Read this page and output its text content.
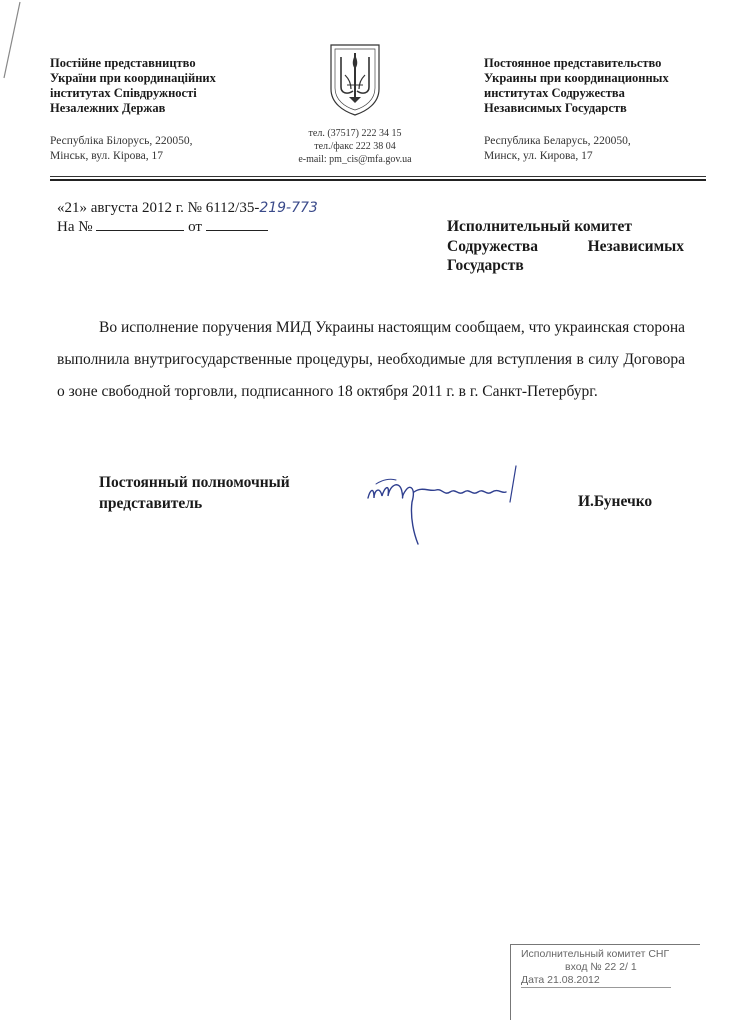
Постійне представництво
України при координаційних
інститутах Співдружності
Незалежних Держав
Республіка Білорусь, 220050,
Мінськ, вул. Кірова, 17
тел. (37517) 222 34 15
тел./факс 222 38 04
e-mail: pm_cis@mfa.gov.ua
Постоянное представительство
Украины при координационных
институтах Содружества
Независимых Государств
Республика Беларусь, 220050,
Минск, ул. Кирова, 17
«21» августа 2012 г. № 6112/35-219-773
На №	от	Исполнительный комитет
Содружества	Независимых
Государств

Во исполнение поручения МИД Украины настоящим сообщаем, что украинская сторона выполнила внутригосударственные процедуры, необходимые для вступления в силу Договора о зоне свободной торговли, подписанного 18 октября 2011 г. в г. Санкт-Петербург.

Постоянный полномочный
представитель	И.Бунечко
Исполнительный комитет СНГ
вход № 22 2/ 1
Дата 21.08.2012
